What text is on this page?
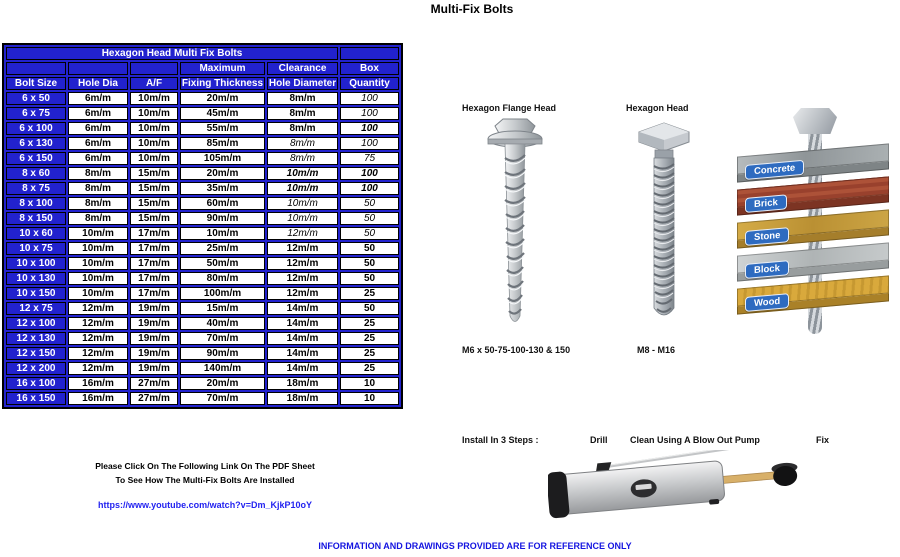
Multi-Fix Bolts
Hexagon Head Multi Fix Bolts					
			Maximum	Clearance	Box
Bolt Size	Hole Dia	A/F	Fixing Thickness	Hole Diameter	Quantity
6 x 50	6m/m	10m/m	20m/m	8m/m	100
6 x 75	6m/m	10m/m	45m/m	8m/m	100
6 x 100	6m/m	10m/m	55m/m	8m/m	100
6 x 130	6m/m	10m/m	85m/m	8m/m	100
6 x 150	6m/m	10m/m	105m/m	8m/m	75
8 x 60	8m/m	15m/m	20m/m	10m/m	100
8 x 75	8m/m	15m/m	35m/m	10m/m	100
8 x 100	8m/m	15m/m	60m/m	10m/m	50
8 x 150	8m/m	15m/m	90m/m	10m/m	50
10 x 60	10m/m	17m/m	10m/m	12m/m	50
10 x 75	10m/m	17m/m	25m/m	12m/m	50
10 x 100	10m/m	17m/m	50m/m	12m/m	50
10 x 130	10m/m	17m/m	80m/m	12m/m	50
10 x 150	10m/m	17m/m	100m/m	12m/m	25
12 x 75	12m/m	19m/m	15m/m	14m/m	50
12 x 100	12m/m	19m/m	40m/m	14m/m	25
12 x 130	12m/m	19m/m	70m/m	14m/m	25
12 x 150	12m/m	19m/m	90m/m	14m/m	25
12 x 200	12m/m	19m/m	140m/m	14m/m	25
16 x 100	16m/m	27m/m	20m/m	18m/m	10
16 x 150	16m/m	27m/m	70m/m	18m/m	10
Hexagon Flange Head	Hexagon Head
M6 x 50-75-100-130 & 150	M8 - M16
Concrete
Brick
Stone
Block
Wood
Install In 3 Steps :	Drill Clean Using A Blow Out Pump	Fix
Please Click On The Following Link On The PDF Sheet
To See How The Multi-Fix Bolts Are Installed
https://www.youtube.com/watch?v=Dm_KjkP10oY
INFORMATION AND DRAWINGS PROVIDED ARE FOR REFERENCE ONLY
